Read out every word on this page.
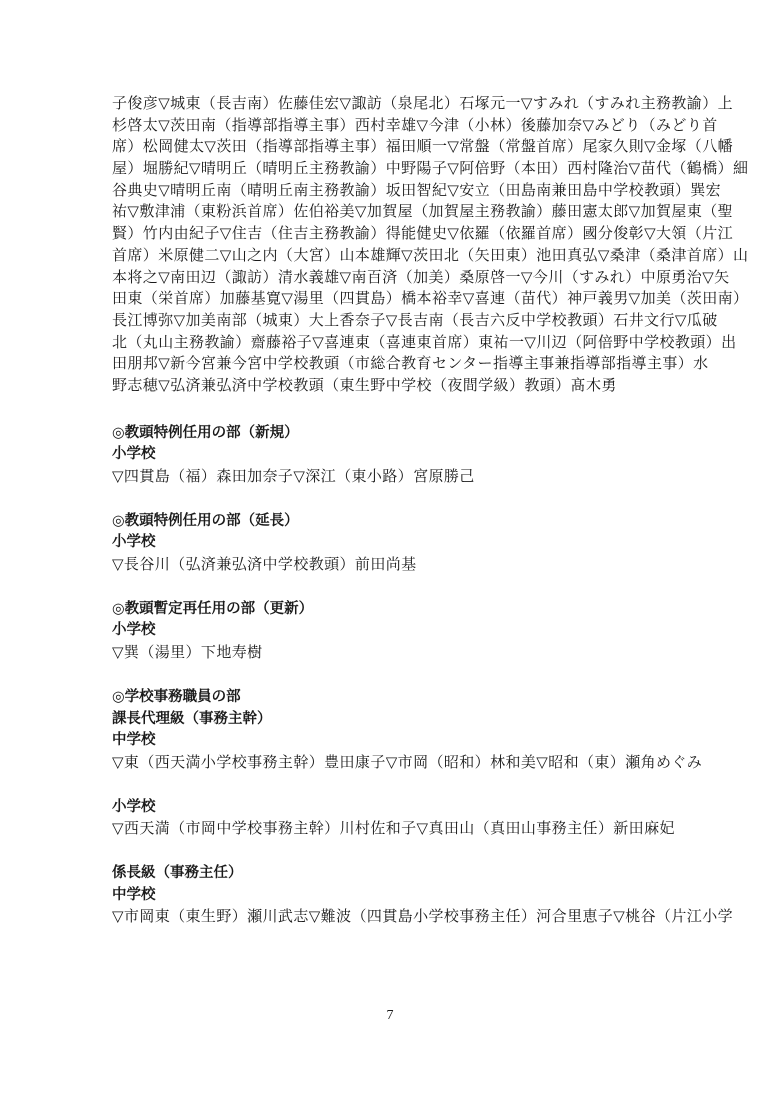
子俊彦▽城東（長吉南）佐藤佳宏▽諏訪（泉尾北）石塚元一▽すみれ（すみれ主務教諭）上
杉啓太▽茨田南（指導部指導主事）西村幸雄▽今津（小林）後藤加奈▽みどり（みどり首
席）松岡健太▽茨田（指導部指導主事）福田順一▽常盤（常盤首席）尾家久則▽金塚（八幡
屋）堀勝紀▽晴明丘（晴明丘主務教諭）中野陽子▽阿倍野（本田）西村隆治▽苗代（鶴橋）細
谷典史▽晴明丘南（晴明丘南主務教諭）坂田智紀▽安立（田島南兼田島中学校教頭）巽宏
祐▽敷津浦（東粉浜首席）佐伯裕美▽加賀屋（加賀屋主務教諭）藤田憲太郎▽加賀屋東（聖
賢）竹内由紀子▽住吉（住吉主務教諭）得能健史▽依羅（依羅首席）國分俊彰▽大領（片江
首席）米原健二▽山之内（大宮）山本雄輝▽茨田北（矢田東）池田真弘▽桑津（桑津首席）山
本将之▽南田辺（諏訪）清水義雄▽南百済（加美）桑原啓一▽今川（すみれ）中原勇治▽矢
田東（栄首席）加藤基寛▽湯里（四貫島）橋本裕幸▽喜連（苗代）神戸義男▽加美（茨田南）
長江博弥▽加美南部（城東）大上香奈子▽長吉南（長吉六反中学校教頭）石井文行▽瓜破
北（丸山主務教諭）齋藤裕子▽喜連東（喜連東首席）東祐一▽川辺（阿倍野中学校教頭）出
田朋邦▽新今宮兼今宮中学校教頭（市総合教育センター指導主事兼指導部指導主事）水
野志穂▽弘済兼弘済中学校教頭（東生野中学校（夜間学級）教頭）髙木勇
◎教頭特例任用の部（新規）
小学校
▽四貫島（福）森田加奈子▽深江（東小路）宮原勝己
◎教頭特例任用の部（延長）
小学校
▽長谷川（弘済兼弘済中学校教頭）前田尚基
◎教頭暫定再任用の部（更新）
小学校
▽巽（湯里）下地寿樹
◎学校事務職員の部
課長代理級（事務主幹）
中学校
▽東（西天満小学校事務主幹）豊田康子▽市岡（昭和）林和美▽昭和（東）瀬角めぐみ
小学校
▽西天満（市岡中学校事務主幹）川村佐和子▽真田山（真田山事務主任）新田麻妃
係長級（事務主任）
中学校
▽市岡東（東生野）瀬川武志▽難波（四貫島小学校事務主任）河合里恵子▽桃谷（片江小学
7
